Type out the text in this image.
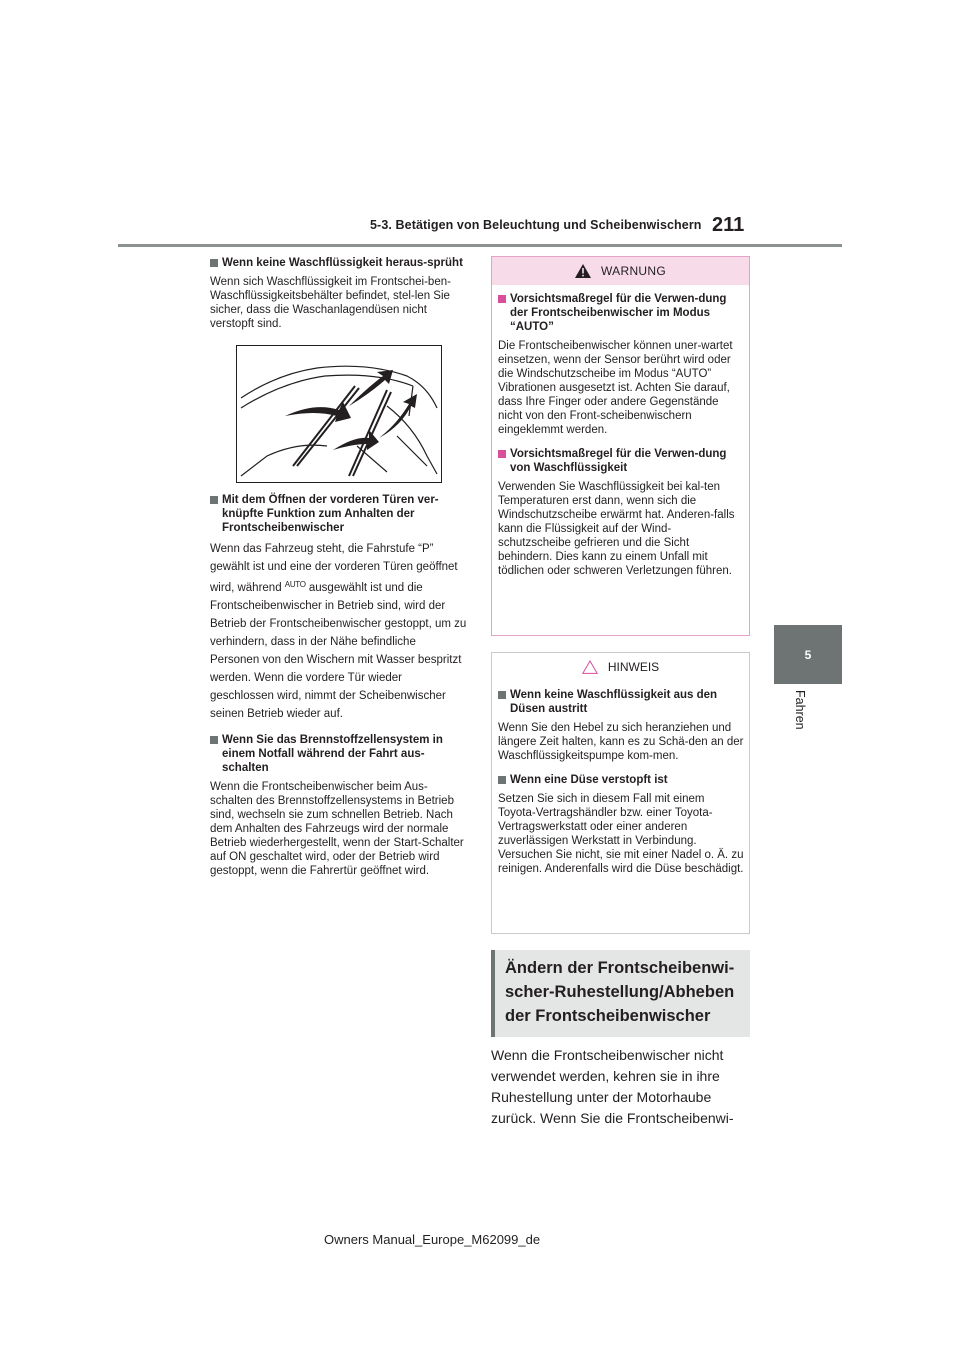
5-3. Betätigen von Beleuchtung und Scheibenwischern 211
5
Fahren
Wenn keine Waschflüssigkeit heraus-sprüht
Wenn sich Waschflüssigkeit im Frontschei-ben-Waschflüssigkeitsbehälter befindet, stel-len Sie sicher, dass die Waschanlagendüsen nicht verstopft sind.
Mit dem Öffnen der vorderen Türen ver-knüpfte Funktion zum Anhalten der Frontscheibenwischer
Wenn das Fahrzeug steht, die Fahrstufe “P” gewählt ist und eine der vorderen Türen geöffnet wird, während $^{AUTO}$ ausgewählt ist und die Frontscheibenwischer in Betrieb sind, wird der Betrieb der Frontscheibenwischer gestoppt, um zu verhindern, dass in der Nähe befindliche Personen von den Wischern mit Wasser bespritzt werden. Wenn die vordere Tür wieder geschlossen wird, nimmt der Scheibenwischer seinen Betrieb wieder auf.
Wenn Sie das Brennstoffzellensystem in einem Notfall während der Fahrt aus-schalten
Wenn die Frontscheibenwischer beim Aus-schalten des Brennstoffzellensystems in Betrieb sind, wechseln sie zum schnellen Betrieb. Nach dem Anhalten des Fahrzeugs wird der normale Betrieb wiederhergestellt, wenn der Start-Schalter auf ON geschaltet wird, oder der Betrieb wird gestoppt, wenn die Fahrertür geöffnet wird.
WARNUNG
Vorsichtsmaßregel für die Verwen-dung der Frontscheibenwischer im Modus “AUTO”
Die Frontscheibenwischer können uner-wartet einsetzen, wenn der Sensor berührt wird oder die Windschutzscheibe im Modus “AUTO” Vibrationen ausgesetzt ist. Achten Sie darauf, dass Ihre Finger oder andere Gegenstände nicht von den Front-scheibenwischern eingeklemmt werden.
Vorsichtsmaßregel für die Verwen-dung von Waschflüssigkeit
Verwenden Sie Waschflüssigkeit bei kal-ten Temperaturen erst dann, wenn sich die Windschutzscheibe erwärmt hat. Anderen-falls kann die Flüssigkeit auf der Wind-schutzscheibe gefrieren und die Sicht behindern. Dies kann zu einem Unfall mit tödlichen oder schweren Verletzungen führen.
HINWEIS
Wenn keine Waschflüssigkeit aus den Düsen austritt
Wenn Sie den Hebel zu sich heranziehen und längere Zeit halten, kann es zu Schä-den an der Waschflüssigkeitspumpe kom-men.
Wenn eine Düse verstopft ist
Setzen Sie sich in diesem Fall mit einem Toyota-Vertragshändler bzw. einer Toyota-Vertragswerkstatt oder einer anderen zuverlässigen Werkstatt in Verbindung. Versuchen Sie nicht, sie mit einer Nadel o. Ä. zu reinigen. Anderenfalls wird die Düse beschädigt.
Ändern der Frontscheibenwi-
scher-Ruhestellung/Abheben
der Frontscheibenwischer
Wenn die Frontscheibenwischer nicht verwendet werden, kehren sie in ihre Ruhestellung unter der Motorhaube zurück. Wenn Sie die Frontscheibenwi-
Owners Manual_Europe_M62099_de
